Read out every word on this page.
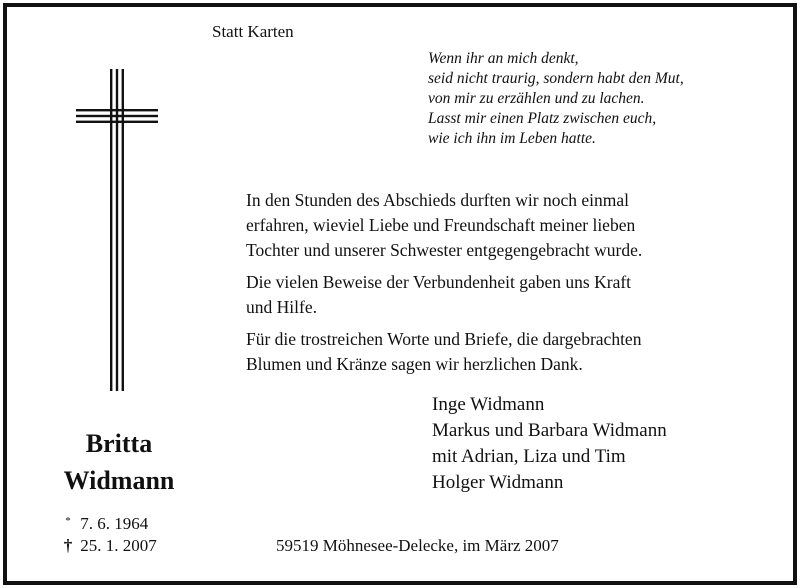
Statt Karten
Wenn ihr an mich denkt,
seid nicht traurig, sondern habt den Mut,
von mir zu erzählen und zu lachen.
Lasst mir einen Platz zwischen euch,
wie ich ihn im Leben hatte.

In den Stunden des Abschieds durften wir noch einmal
erfahren, wieviel Liebe und Freundschaft meiner lieben
Tochter und unserer Schwester entgegengebracht wurde.

Die vielen Beweise der Verbundenheit gaben uns Kraft
und Hilfe.

Für die trostreichen Worte und Briefe, die dargebrachten
Blumen und Kränze sagen wir herzlichen Dank.

Britta
Widmann
* 7. 6. 1964
† 25. 1. 2007
Inge Widmann
Markus und Barbara Widmann
mit Adrian, Liza und Tim
Holger Widmann
59519 Möhnesee-Delecke, im März 2007
